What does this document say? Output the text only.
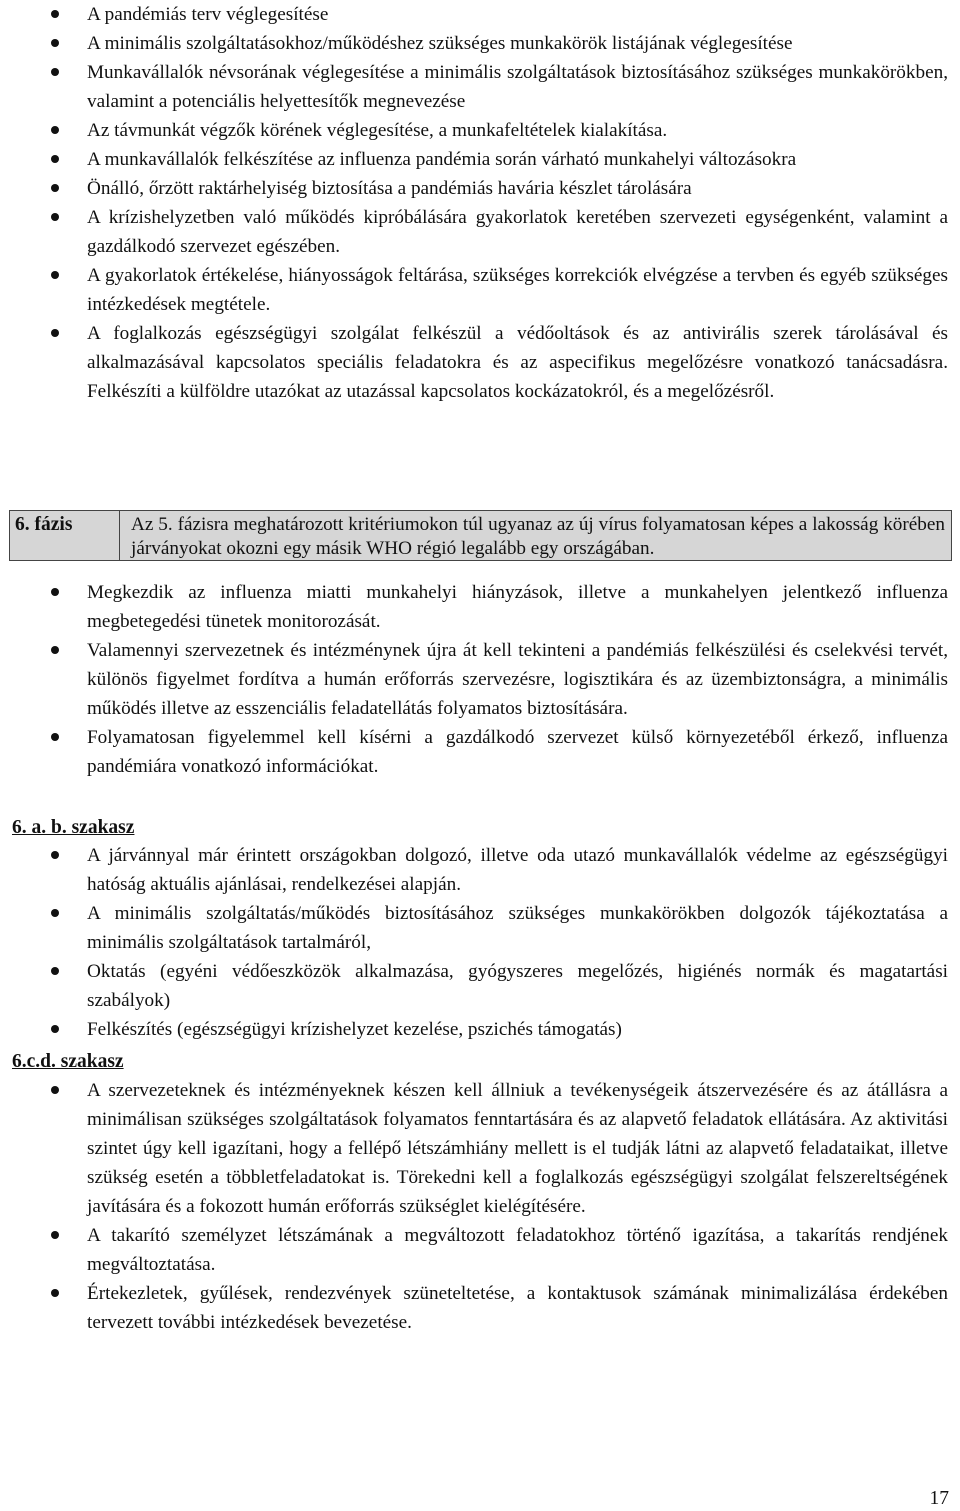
A pandémiás terv véglegesítése
A minimális szolgáltatásokhoz/működéshez szükséges munkakörök listájának véglegesítése
Munkavállalók névsorának véglegesítése a minimális szolgáltatások biztosításához szükséges munkakörökben, valamint a potenciális helyettesítők megnevezése
Az távmunkát végzők körének véglegesítése, a munkafeltételek kialakítása.
A munkavállalók felkészítése az influenza pandémia során várható munkahelyi változásokra
Önálló, őrzött raktárhelyiség biztosítása a pandémiás havária készlet tárolására
A krízishelyzetben való működés kipróbálására gyakorlatok keretében szervezeti egységenként, valamint a gazdálkodó szervezet egészében.
A gyakorlatok értékelése, hiányosságok feltárása, szükséges korrekciók elvégzése a tervben és egyéb szükséges intézkedések megtétele.
A foglalkozás egészségügyi szolgálat felkészül a védőoltások és az antivirális szerek tárolásával és alkalmazásával kapcsolatos speciális feladatokra és az aspecifikus megelőzésre vonatkozó tanácsadásra. Felkészíti a külföldre utazókat az utazással kapcsolatos kockázatokról, és a megelőzésről.
6. fázis	Az 5. fázisra meghatározott kritériumokon túl ugyanaz az új vírus folyamatosan képes a lakosság körében járványokat okozni egy másik WHO régió legalább egy országában.
Megkezdik az influenza miatti munkahelyi hiányzások, illetve a munkahelyen jelentkező influenza megbetegedési tünetek monitorozását.
Valamennyi szervezetnek és intézménynek újra át kell tekinteni a pandémiás felkészülési és cselekvési tervét, különös figyelmet fordítva a humán erőforrás szervezésre, logisztikára és az üzembiztonságra, a minimális működés illetve az esszenciális feladatellátás folyamatos biztosítására.
Folyamatosan figyelemmel kell kísérni a gazdálkodó szervezet külső környezetéből érkező, influenza pandémiára vonatkozó információkat.
6. a. b. szakasz
A járvánnyal már érintett országokban dolgozó, illetve oda utazó munkavállalók védelme az egészségügyi hatóság aktuális ajánlásai, rendelkezései alapján.
A minimális szolgáltatás/működés biztosításához szükséges munkakörökben dolgozók tájékoztatása a minimális szolgáltatások tartalmáról,
Oktatás (egyéni védőeszközök alkalmazása, gyógyszeres megelőzés, higiénés normák és magatartási szabályok)
Felkészítés (egészségügyi krízishelyzet kezelése, pszichés támogatás)
6.c.d. szakasz
A szervezeteknek és intézményeknek készen kell állniuk a tevékenységeik átszervezésére és az átállásra a minimálisan szükséges szolgáltatások folyamatos fenntartására és az alapvető feladatok ellátására. Az aktivitási szintet úgy kell igazítani, hogy a fellépő létszámhiány mellett is el tudják látni az alapvető feladataikat, illetve szükség esetén a többletfeladatokat is. Törekedni kell a foglalkozás egészségügyi szolgálat felszereltségének javítására és a fokozott humán erőforrás szükséglet kielégítésére.
A takarító személyzet létszámának a megváltozott feladatokhoz történő igazítása, a takarítás rendjének megváltoztatása.
Értekezletek, gyűlések, rendezvények szüneteltetése, a kontaktusok számának minimalizálása érdekében tervezett további intézkedések bevezetése.
17
